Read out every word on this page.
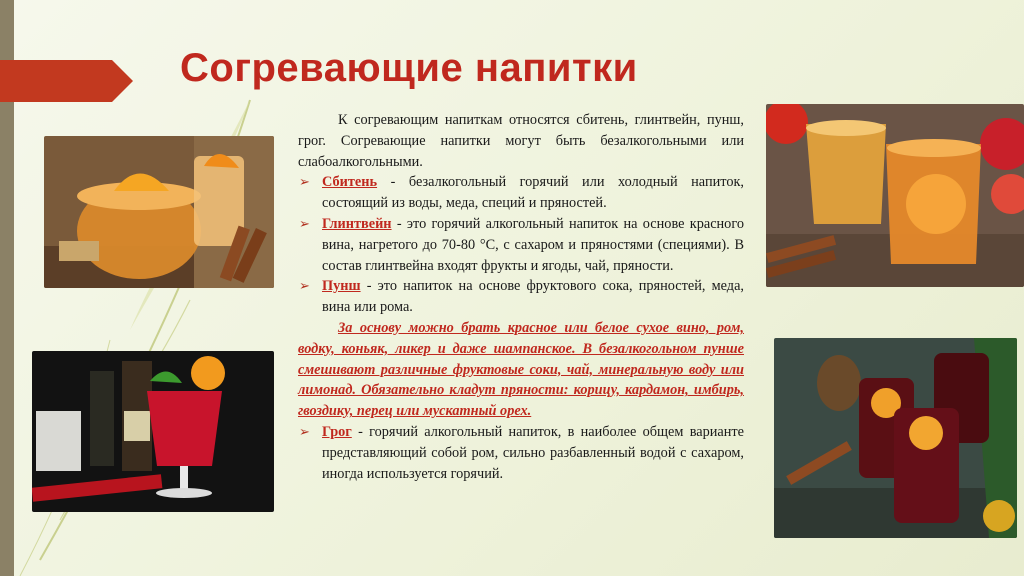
Согревающие напитки

К согревающим напиткам относятся сбитень, глинтвейн, пунш, грог. Согревающие напитки могут быть безалкогольными или слабоалкогольными.

➢ Сбитень - безалкогольный горячий или холодный напиток, состоящий из воды, меда, специй и пряностей.

➢ Глинтвейн - это горячий алкогольный напиток на основе красного вина, нагретого до 70-80 °С, с сахаром и пряностями (специями). В состав глинтвейна входят фрукты и ягоды, чай, пряности.

➢ Пунш - это напиток на основе фруктового сока, пряностей, меда, вина или рома.

За основу можно брать красное или белое сухое вино, ром, водку, коньяк, ликер и даже шампанское. В безалкогольном пунше смешивают различные фруктовые соки, чай, минеральную воду или лимонад. Обязательно кладут пряности: корицу, кардамон, имбирь, гвоздику, перец или мускатный орех.

➢ Грог - горячий алкогольный напиток, в наиболее общем варианте представляющий собой ром, сильно разбавленный водой с сахаром, иногда используется горячий.
